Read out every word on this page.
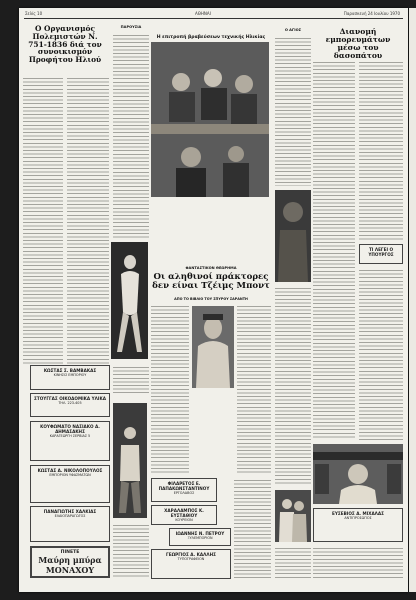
Σελίς 10	ΑΘΗΝΑΙ	Παρασκευή 24 Ιουλίου 1970
Ο Οργανισμός Πολεμιστών Ν. 751-1836 διά τον συνοικισμόν Προφήτου Ηλιού
ΚΩΣΤΑΣ Σ. ΒΑΜΒΑΚΑΣ
ΚΙΝΗΣΙΣ ΕΜΠΟΡΙΟΥ
ΣΤΟΥΓΓΑΣ ΟΙΚΟΔΟΜΙΚΑ ΥΛΙΚΑ
ΤΗΛ. 223-405
ΚΟΥΦΩΜΑΤΟ ΝΑΣΙΑΚΟ Α. ΔΗΜΑΣΑΚΗΣ
ΚΑΡΑΓΕΩΡΓΗ ΣΕΡΒΙΑΣ 5
ΚΩΣΤΑΣ Α. ΝΙΚΟΛΟΠΟΥΛΟΣ
ΕΜΠΟΡΙΟΝ ΥΦΑΣΜΑΤΩΝ
ΠΑΝΑΓΙΩΤΗΣ ΧΑΛΚΙΑΣ
ΕΛΑΙΟΠΑΡΑΓΩΓΟΣ
ΠΙΝΕΤΕ
Μαύρη μπύρα ΜΟΝΑΧΟΥ
ΠΑΡΟΥΣΙΑ
Η επιτροπή βραβεύσεων τεχνικής Ηλικίας
ΦΑΝΤΑΣΤΙΚΟΝ ΘΕΩΡΗΜΑ
Οι αληθινοί πράκτορες δεν είναι Τζέιμς Μποντ
ΑΠΟ ΤΟ ΒΙΒΛΙΟ ΤΟΥ ΣΠΥΡΟΥ ΣΑΡΑΝΤΗ
ΦΙΛΑΡΕΤΟΣ Ε. ΠΑΠΑΚΩΝΣΤΑΝΤΙΝΟΥ
ΕΡΓΟΛΑΒΟΣ
ΧΑΡΑΛΑΜΠΟΣ Κ. ΕΥΣΤΑΘΙΟΥ
ΚΟΥΡΕΙΟΝ
ΙΩΑΝΝΗΣ Ν. ΠΕΤΡΟΥ
ΞΥΛΕΜΠΟΡΙΟΝ
ΓΕΩΡΓΙΟΣ Α. ΚΑΛΛΗΣ
ΤΥΠΟΓΡΑΦΕΙΟΝ
Ο ΑΓΙΟΣ	Διανομή εμπορευμάτων μέσω του δασοπάτου
ΤΙ ΛΕΓΕΙ Ο ΥΠΟΥΡΓΟΣ
ΕΥΣΕΒΙΟΣ Α. ΜΙΧΑΛΑΣ
ΑΝΤΙΠΡΟΣΩΠΟΣ
